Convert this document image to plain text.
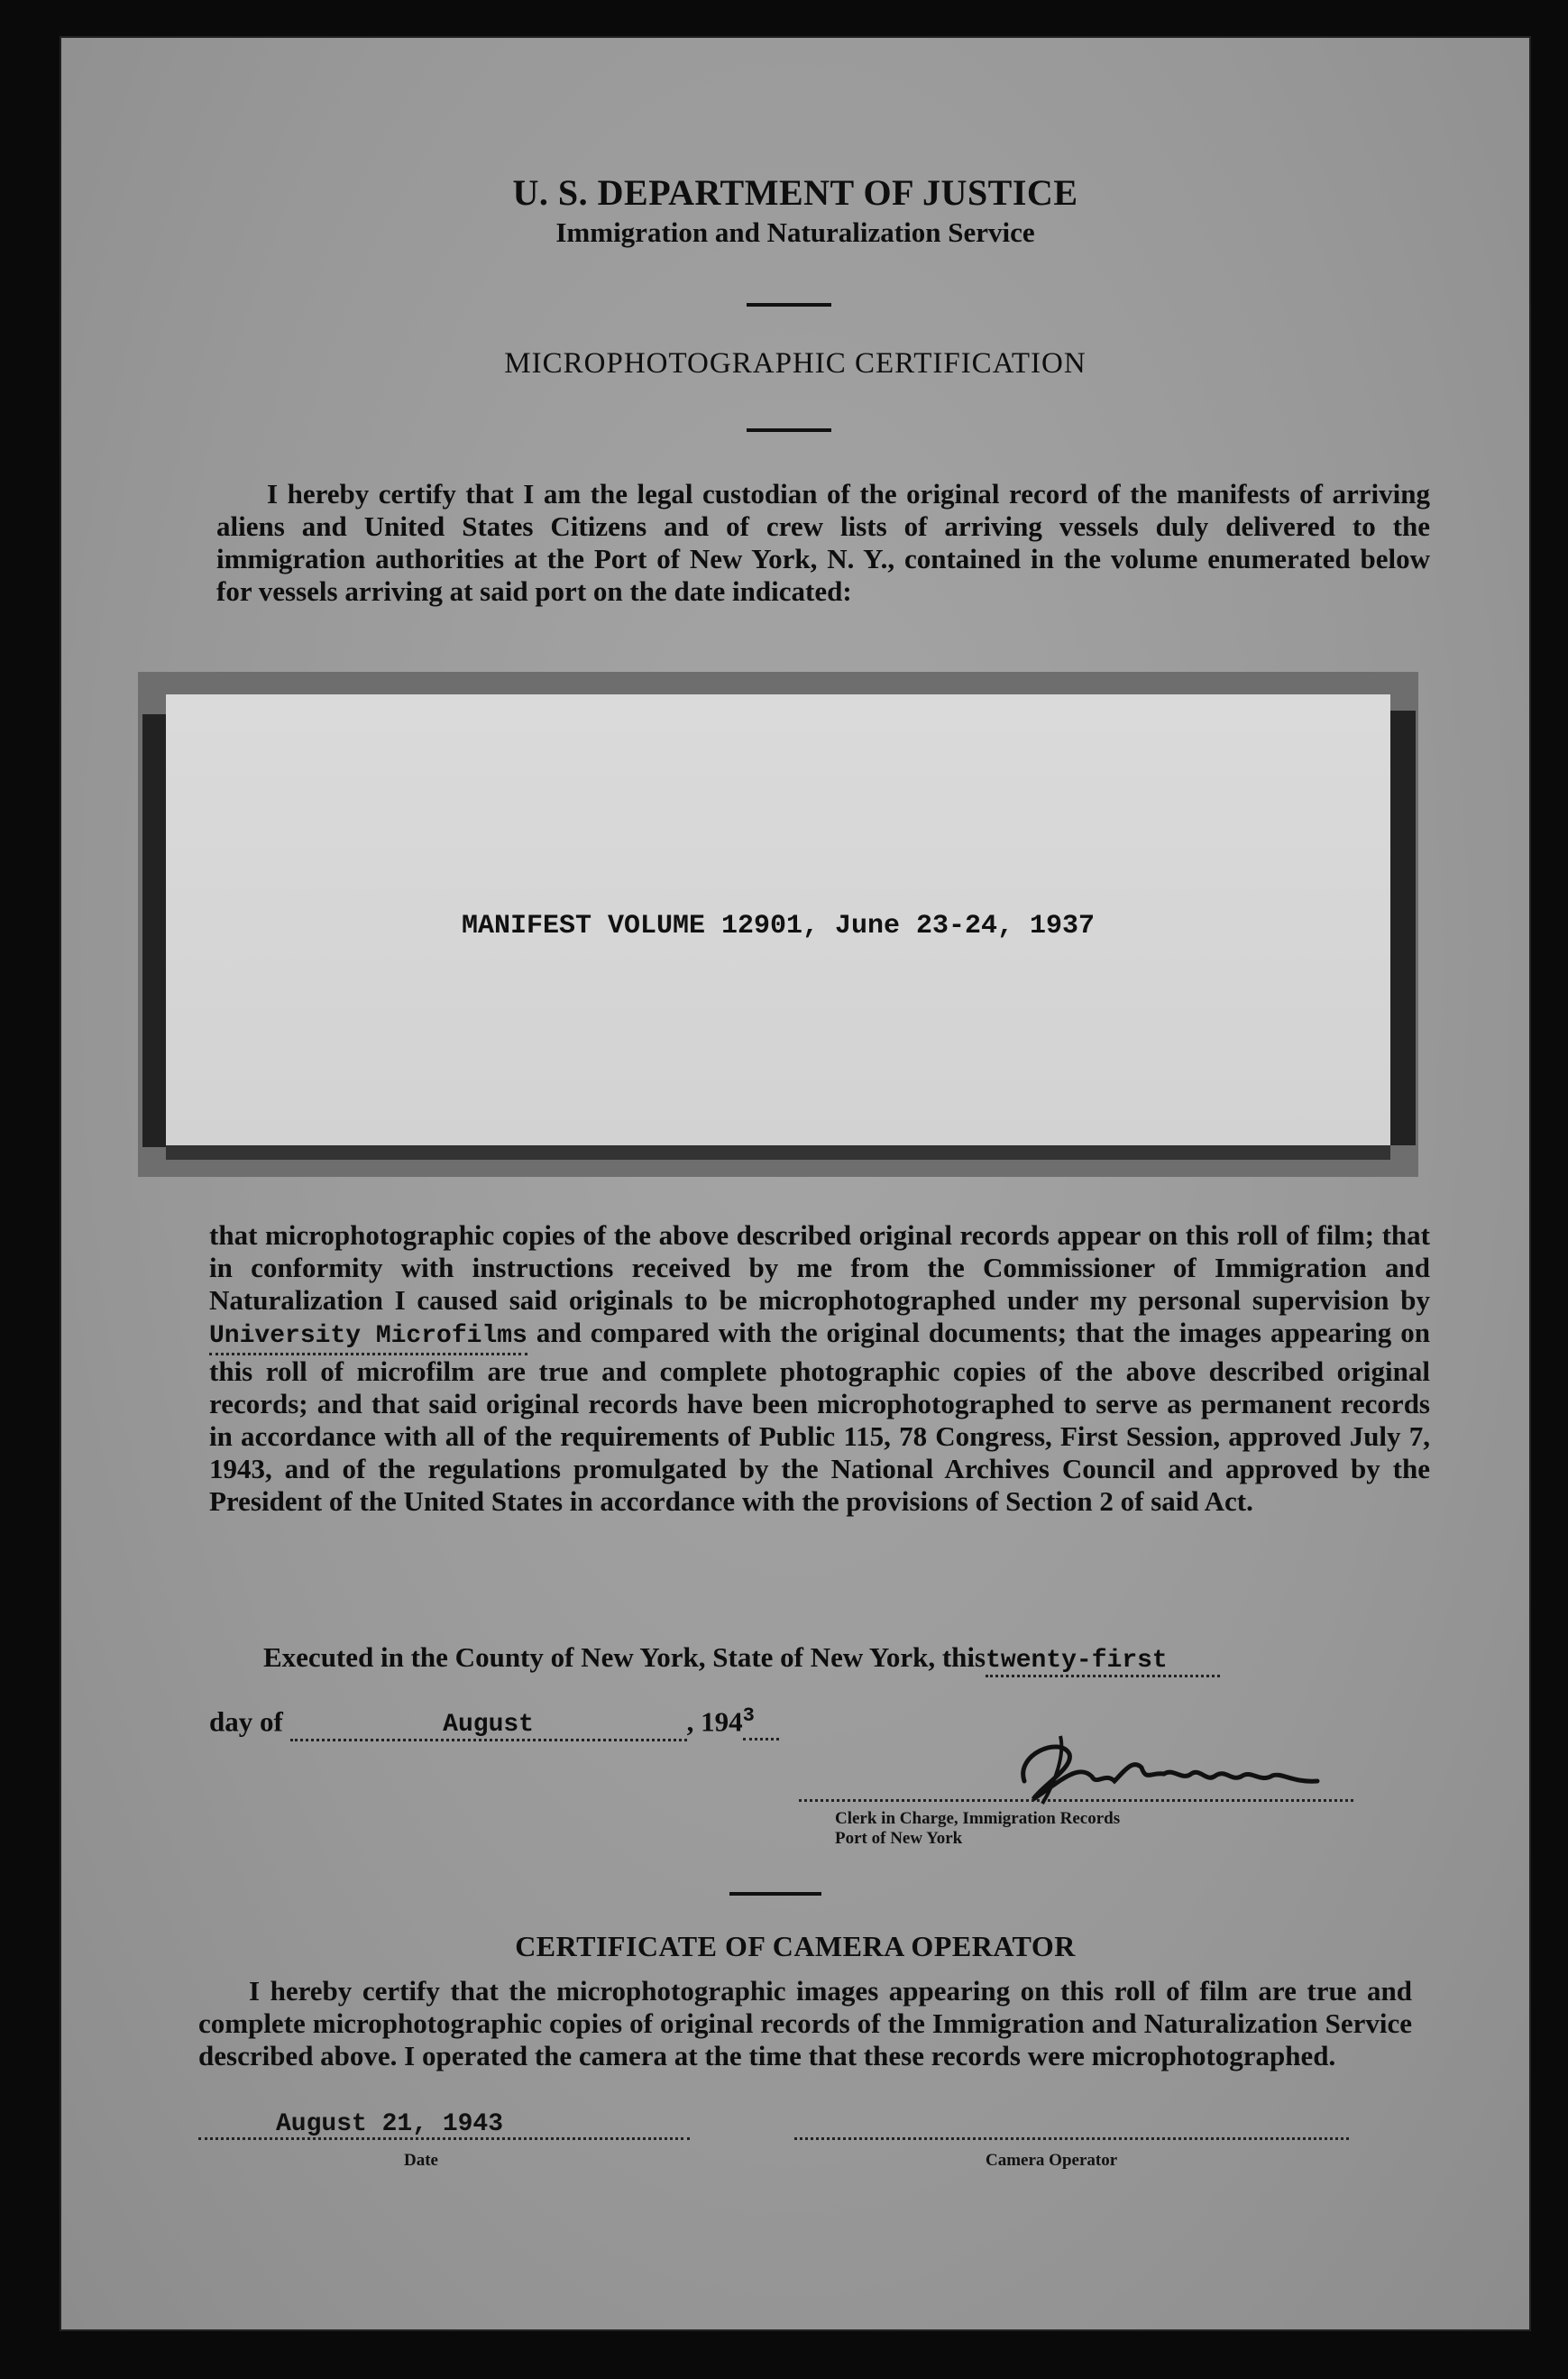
U. S. DEPARTMENT OF JUSTICE
Immigration and Naturalization Service
MICROPHOTOGRAPHIC CERTIFICATION
I hereby certify that I am the legal custodian of the original record of the manifests of arriving aliens and United States Citizens and of crew lists of arriving vessels duly delivered to the immigration authorities at the Port of New York, N. Y., contained in the volume enumerated below for vessels arriving at said port on the date indicated:
MANIFEST VOLUME 12901, June 23-24, 1937
that microphotographic copies of the above described original records appear on this roll of film; that in conformity with instructions received by me from the Commissioner of Immigration and Naturalization I caused said originals to be microphotographed under my personal supervision by University Microfilms and compared with the original documents; that the images appearing on this roll of microfilm are true and complete photographic copies of the above described original records; and that said original records have been microphotographed to serve as permanent records in accordance with all of the requirements of Public 115, 78 Congress, First Session, approved July 7, 1943, and of the regulations promulgated by the National Archives Council and approved by the President of the United States in accordance with the provisions of Section 2 of said Act.
Executed in the County of New York, State of New York, thistwenty-first
day of	August	, $194^3$
Clerk in Charge, Immigration Records
Port of New York
CERTIFICATE OF CAMERA OPERATOR
I hereby certify that the microphotographic images appearing on this roll of film are true and complete microphotographic copies of original records of the Immigration and Naturalization Service described above. I operated the camera at the time that these records were microphotographed.
August 21, 1943
Date	Camera Operator
